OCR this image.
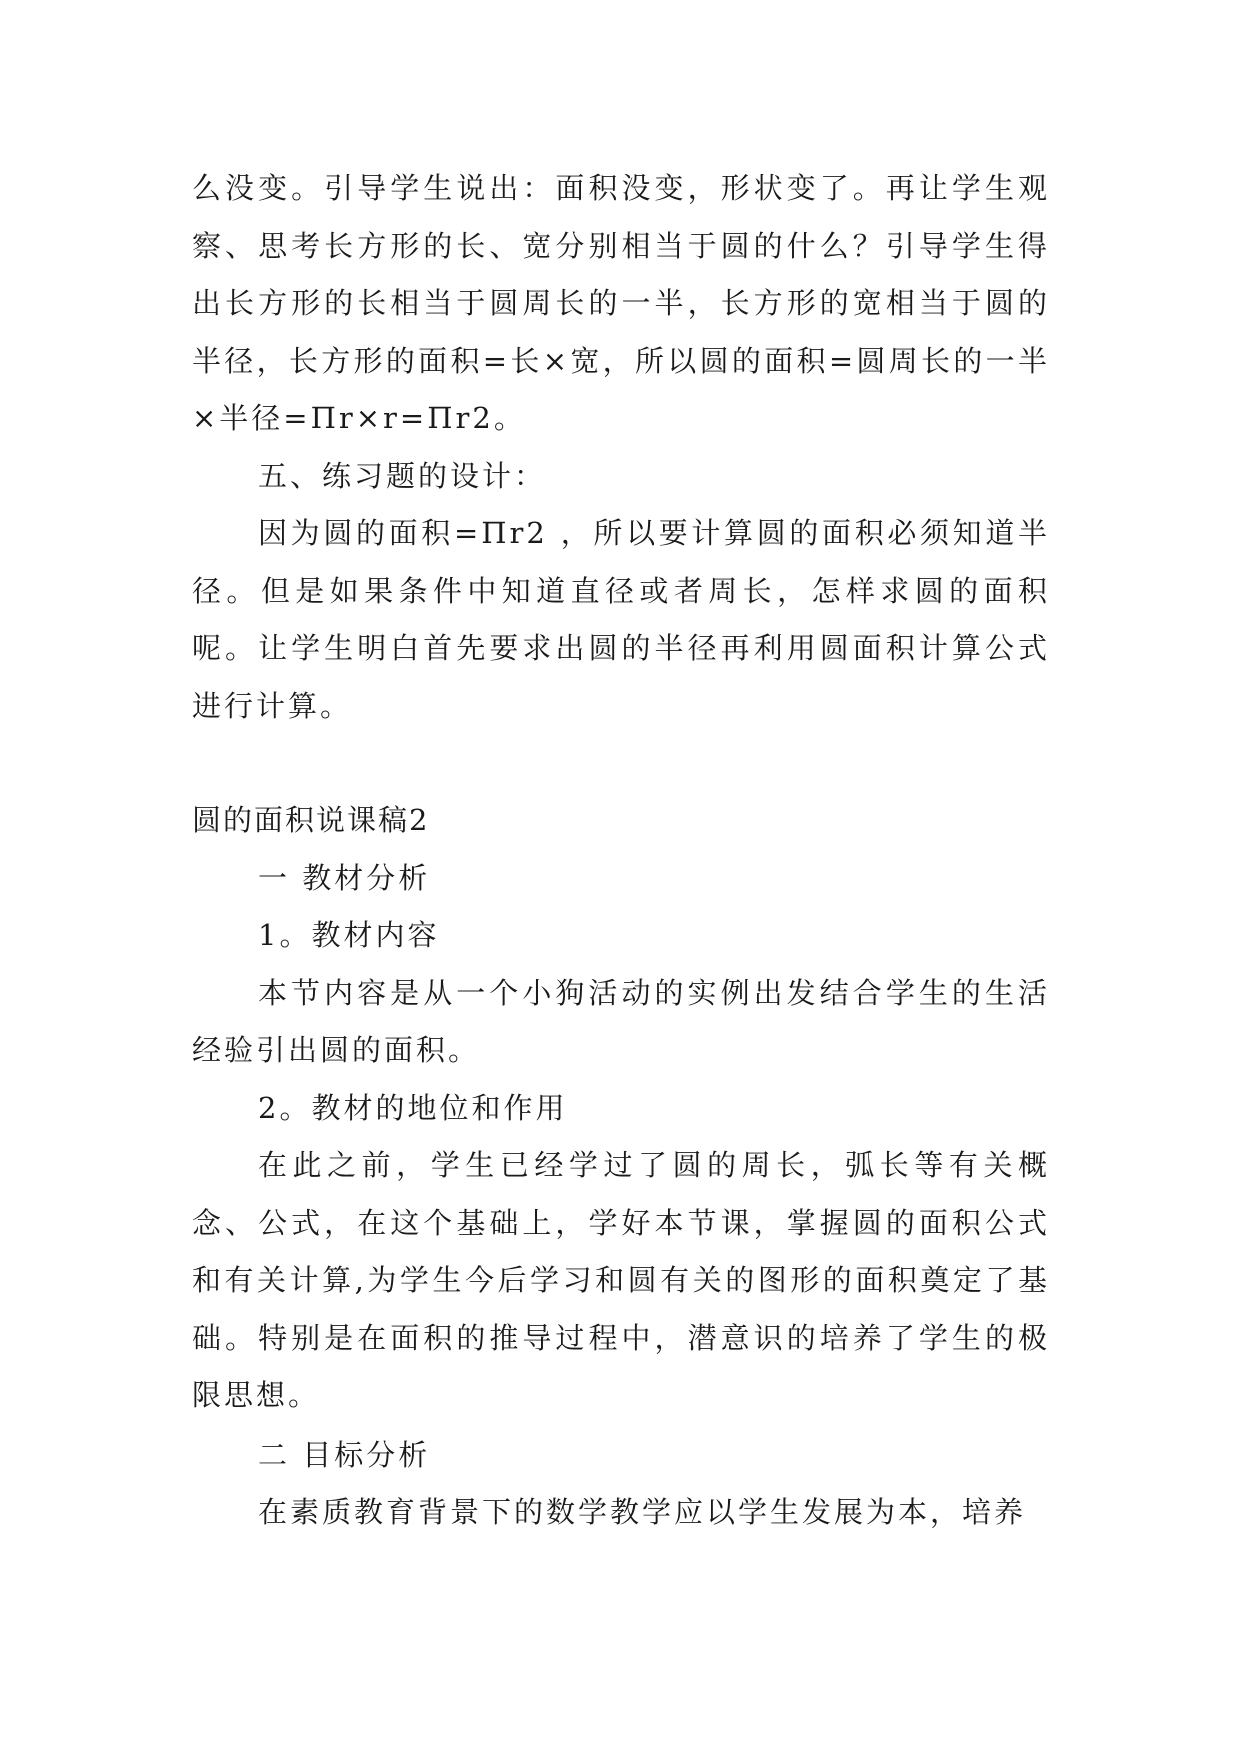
么没变。引导学生说出：面积没变，形状变了。再让学生观察、思考长方形的长、宽分别相当于圆的什么？引导学生得出长方形的长相当于圆周长的一半，长方形的宽相当于圆的半径，长方形的面积=长×宽，所以圆的面积=圆周长的一半×半径=Πr×r=Πr2。

五、练习题的设计：

因为圆的面积=Πr2 ，所以要计算圆的面积必须知道半径。但是如果条件中知道直径或者周长，怎样求圆的面积呢。让学生明白首先要求出圆的半径再利用圆面积计算公式进行计算。

圆的面积说课稿2

一 教材分析

1。教材内容

本节内容是从一个小狗活动的实例出发结合学生的生活经验引出圆的面积。

2。教材的地位和作用

在此之前，学生已经学过了圆的周长，弧长等有关概念、公式，在这个基础上，学好本节课，掌握圆的面积公式和有关计算,为学生今后学习和圆有关的图形的面积奠定了基础。特别是在面积的推导过程中，潜意识的培养了学生的极限思想。

二 目标分析

在素质教育背景下的数学教学应以学生发展为本，培养
